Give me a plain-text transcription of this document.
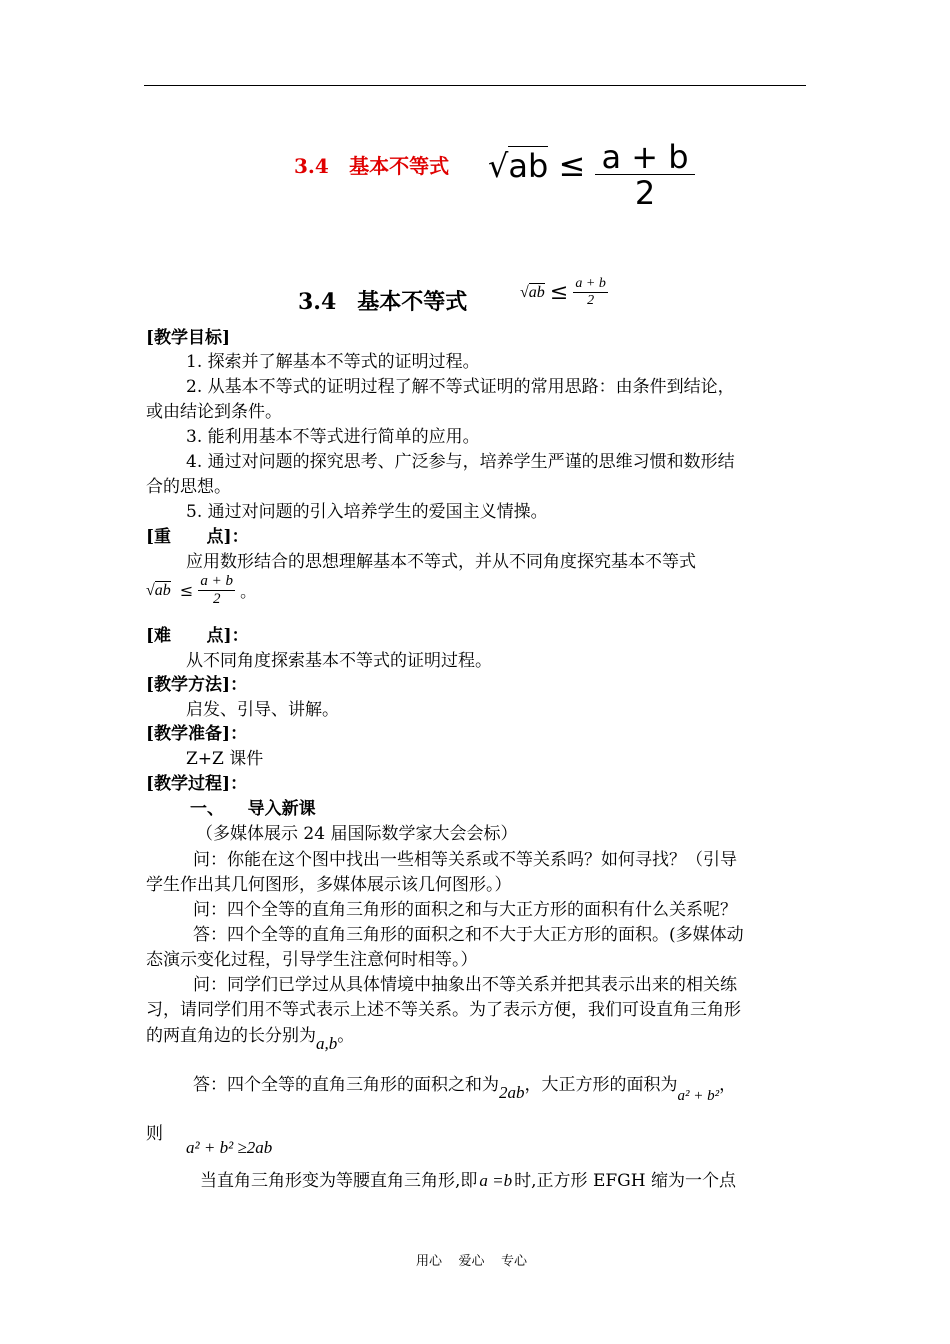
3.4 基本不等式 $√ab \le \frac{a + b}{2}$
3.4 基本不等式	$√ab \le \frac{a + b}{2}$
[教学目标]
1. 探索并了解基本不等式的证明过程。
2. 从基本不等式的证明过程了解不等式证明的常用思路：由条件到结论，
或由结论到条件。
3. 能利用基本不等式进行简单的应用。
4. 通过对问题的探究思考、广泛参与，培养学生严谨的思维习惯和数形结
合的思想。
5. 通过对问题的引入培养学生的爱国主义情操。
[重      点]：
应用数形结合的思想理解基本不等式，并从不同角度探究基本不等式
$√ab \le \frac{a + b}{2}$ 。
[难      点]：
从不同角度探索基本不等式的证明过程。
[教学方法]：
启发、引导、讲解。
[教学准备]：
Z+Z 课件
[教学过程]：
一、    导入新课
（多媒体展示 24 届国际数学家大会会标）
问：你能在这个图中找出一些相等关系或不等关系吗？如何寻找？（引导
学生作出其几何图形，多媒体展示该几何图形。）
问：四个全等的直角三角形的面积之和与大正方形的面积有什么关系呢？
答：四个全等的直角三角形的面积之和不大于大正方形的面积。(多媒体动
态演示变化过程，引导学生注意何时相等。）
问：同学们已学过从具体情境中抽象出不等关系并把其表示出来的相关练
习，请同学们用不等式表示上述不等关系。为了表示方便，我们可设直角三角形
的两直角边的长分别为a,b。
答：四个全等的直角三角形的面积之和为2ab，大正方形的面积为a² + b²，
则
a² + b² ≥2ab
当直角三角形变为等腰直角三角形,即 a =b 时,正方形 EFGH 缩为一个点
用心    爱心    专心
